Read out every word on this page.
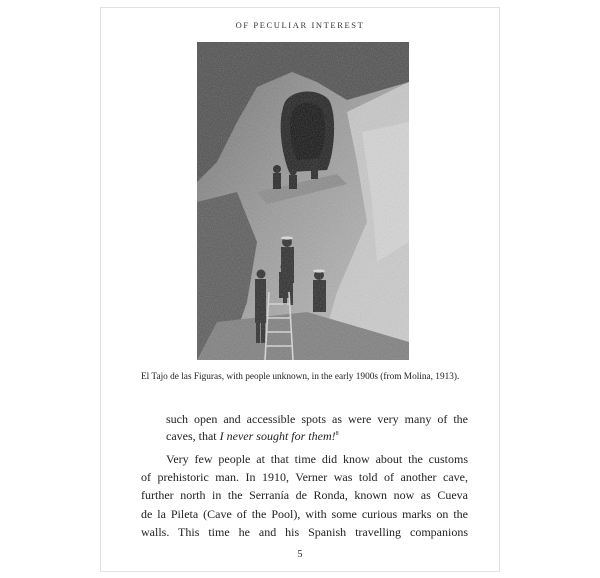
OF PECULIAR INTEREST
El Tajo de las Figuras, with people unknown, in the early 1900s (from Molina, 1913).

such open and accessible spots as were very many of the
caves, that I never sought for them!$^8$

Very few people at that time did know about the customs
of prehistoric man. In 1910, Verner was told of another cave,
further north in the Serranía de Ronda, known now as Cueva
de la Pileta (Cave of the Pool), with some curious marks on the
walls. This time he and his Spanish travelling companions

5
